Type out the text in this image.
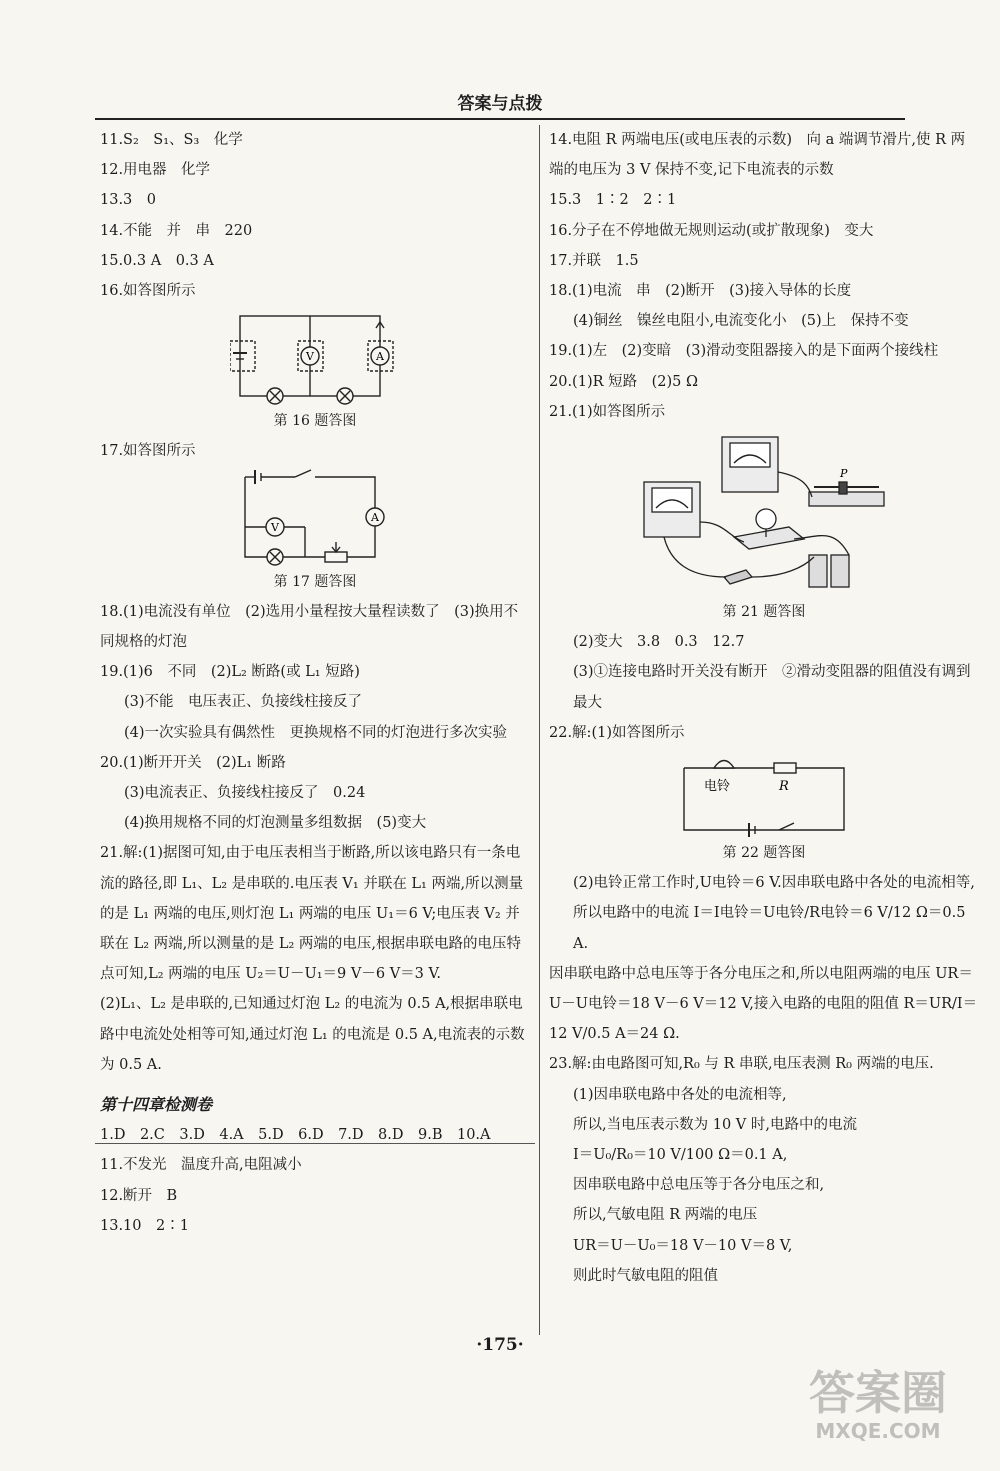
答案与点拨

11.S₂　S₁、S₃　化学

12.用电器　化学

13.3　0

14.不能　并　串　220

15.0.3 A　0.3 A

16.如答图所示

V	A

第 16 题答图

17.如答图所示

V
A

第 17 题答图

18.(1)电流没有单位　(2)选用小量程按大量程读数了　(3)换用不同规格的灯泡

19.(1)6　不同　(2)L₂ 断路(或 L₁ 短路)

(3)不能　电压表正、负接线柱接反了

(4)一次实验具有偶然性　更换规格不同的灯泡进行多次实验

20.(1)断开开关　(2)L₁ 断路

(3)电流表正、负接线柱接反了　0.24

(4)换用规格不同的灯泡测量多组数据　(5)变大

21.解:(1)据图可知,由于电压表相当于断路,所以该电路只有一条电流的路径,即 L₁、L₂ 是串联的.电压表 V₁ 并联在 L₁ 两端,所以测量的是 L₁ 两端的电压,则灯泡 L₁ 两端的电压 U₁＝6 V;电压表 V₂ 并联在 L₂ 两端,所以测量的是 L₂ 两端的电压,根据串联电路的电压特点可知,L₂ 两端的电压 U₂＝U－U₁＝9 V－6 V＝3 V.

(2)L₁、L₂ 是串联的,已知通过灯泡 L₂ 的电流为 0.5 A,根据串联电路中电流处处相等可知,通过灯泡 L₁ 的电流是 0.5 A,电流表的示数为 0.5 A.

第十四章检测卷

1.D　2.C　3.D　4.A　5.D　6.D　7.D　8.D　9.B　10.A

11.不发光　温度升高,电阻减小

12.断开　B

13.10　2∶1

14.电阻 R 两端电压(或电压表的示数)　向 a 端调节滑片,使 R 两端的电压为 3 V 保持不变,记下电流表的示数

15.3　1∶2　2∶1

16.分子在不停地做无规则运动(或扩散现象)　变大

17.并联　1.5

18.(1)电流　串　(2)断开　(3)接入导体的长度

(4)铜丝　镍丝电阻小,电流变化小　(5)上　保持不变

19.(1)左　(2)变暗　(3)滑动变阻器接入的是下面两个接线柱

20.(1)R 短路　(2)5 Ω

21.(1)如答图所示

P

第 21 题答图

(2)变大　3.8　0.3　12.7

(3)①连接电路时开关没有断开　②滑动变阻器的阻值没有调到最大

22.解:(1)如答图所示

电铃	R

第 22 题答图

(2)电铃正常工作时,U电铃＝6 V.因串联电路中各处的电流相等,所以电路中的电流 I＝I电铃＝U电铃/R电铃＝6 V/12 Ω＝0.5 A.

因串联电路中总电压等于各分电压之和,所以电阻两端的电压 UR＝U－U电铃＝18 V－6 V＝12 V,接入电路的电阻的阻值 R＝UR/I＝12 V/0.5 A＝24 Ω.

23.解:由电路图可知,R₀ 与 R 串联,电压表测 R₀ 两端的电压.

(1)因串联电路中各处的电流相等,

所以,当电压表示数为 10 V 时,电路中的电流

I＝U₀/R₀＝10 V/100 Ω＝0.1 A,

因串联电路中总电压等于各分电压之和,

所以,气敏电阻 R 两端的电压

UR＝U－U₀＝18 V－10 V＝8 V,

则此时气敏电阻的阻值

·175·
答案圈
MXQE.COM
